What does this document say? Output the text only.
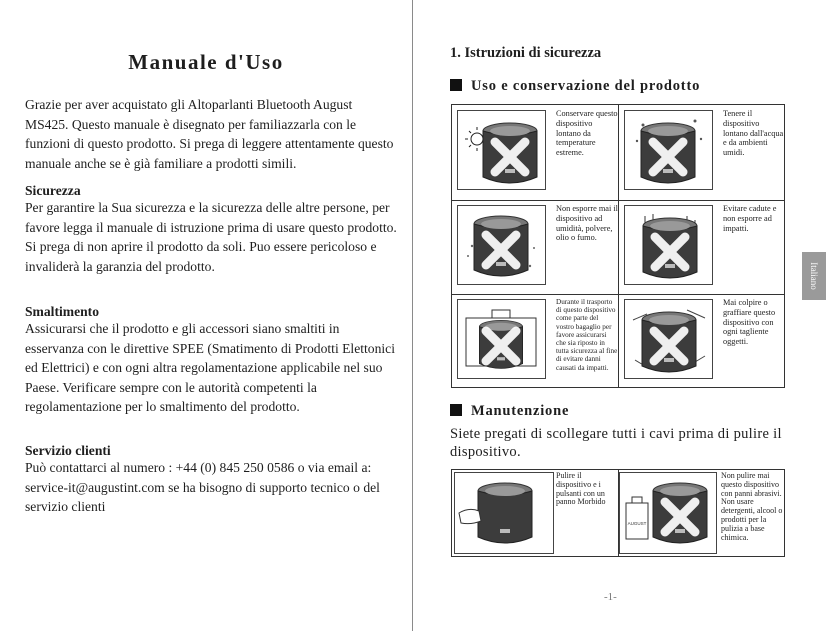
Manuale d'Uso

Grazie per aver acquistato gli Altoparlanti Bluetooth August MS425. Questo manuale è disegnato per familiazzarla con le funzioni di questo prodotto. Si prega di leggere attentamente questo manuale anche se è già familiare a prodotti simili.

Sicurezza

Per garantire la Sua sicurezza e la sicurezza delle altre persone, per favore legga il manuale di istruzione prima di usare questo prodotto. Si prega di non aprire il prodotto da soli. Puo essere pericoloso e invaliderà la garanzia del prodotto.

Smaltimento

Assicurarsi che il prodotto e gli accessori siano smaltiti in esservanza con le direttive SPEE (Smatimento di Prodotti Elettonici ed Elettrici) e con ogni altra regolamentazione applicabile nel suo Paese. Verificare sempre con le autorità competenti la regolamentazione per lo smaltimento del prodotto.

Servizio clienti

Può contattarci al numero : +44 (0) 845 250 0586 o via email a: service-it@augustint.com se ha bisogno di supporto tecnico o del servizio clienti

1. Istruzioni di sicurezza
Uso e conservazione del prodotto
Conservare questo dispositivo lontano da temperature estreme.
Tenere il dispositivo lontano dall'acqua e da ambienti umidi.
Non esporre mai il dispositivo ad umidità, polvere, olio o fumo.
Evitare cadute e non esporre ad impatti.
Durante il trasporto di questo dispositivo come parte del vostro bagaglio per favore assicurarsi che sia riposto in tutta sicurezza al fine di evitare danni causati da impatti.
Mai colpire o graffiare questo dispositivo con ogni tagliente oggetti.
Manutenzione
Siete pregati di scollegare tutti i cavi prima di pulire il dispositivo.
Pulire il dispositivo e i pulsanti con un panno Morbido
AUGUST
Non pulire mai questo dispositivo con panni abrasivi. Non usare detergenti, alcool o prodotti per la pulizia a base chimica.
Italiano
-1-
